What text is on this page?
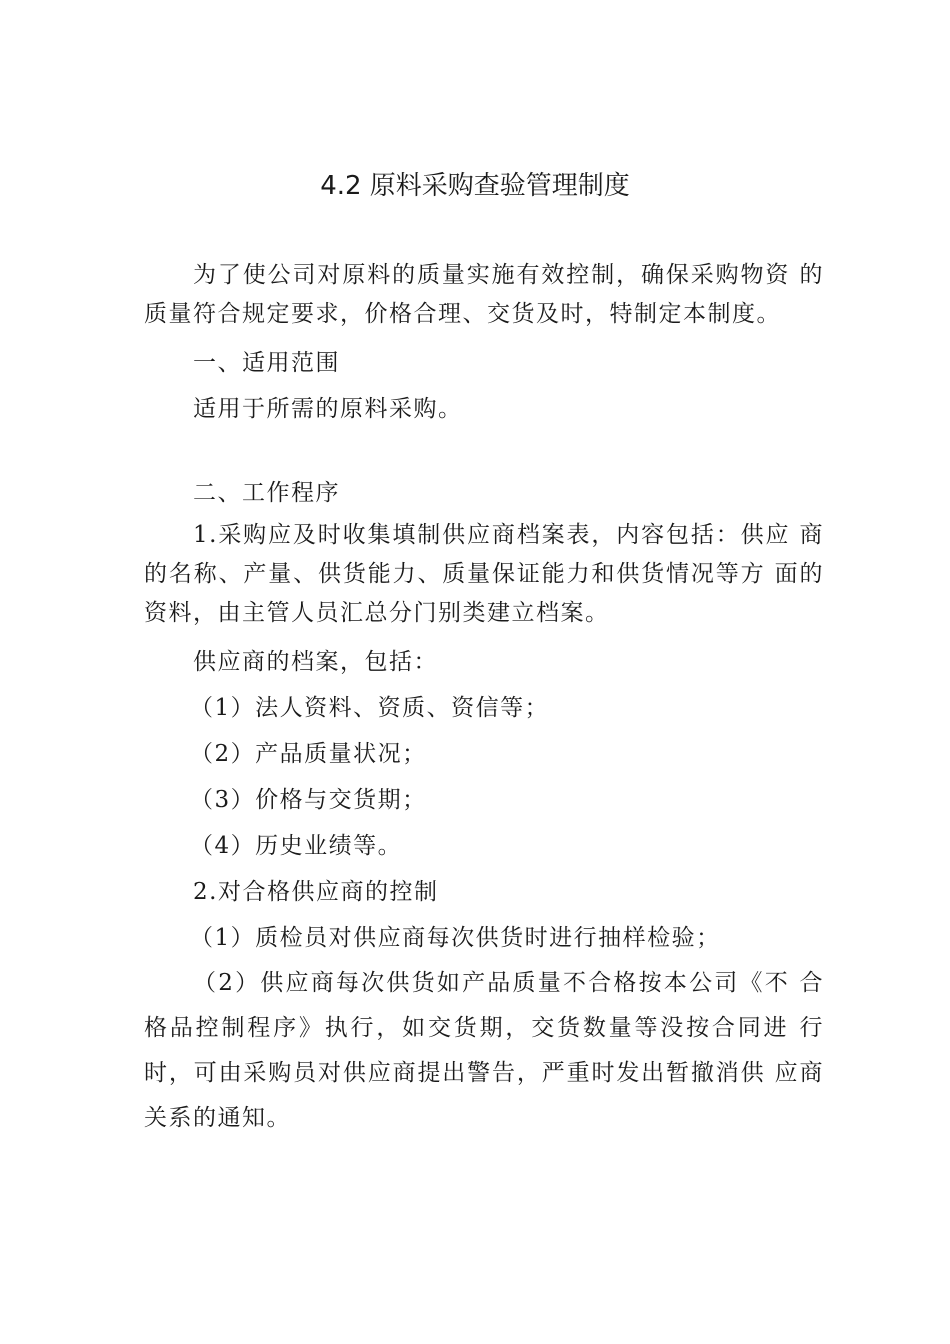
4.2 原料采购查验管理制度

为了使公司对原料的质量实施有效控制，确保采购物资 的质量符合规定要求，价格合理、交货及时，特制定本制度。

一、适用范围

适用于所需的原料采购。

二、工作程序

1.采购应及时收集填制供应商档案表，内容包括：供应 商的名称、产量、供货能力、质量保证能力和供货情况等方 面的资料，由主管人员汇总分门别类建立档案。

供应商的档案，包括：

（1）法人资料、资质、资信等；

（2）产品质量状况；

（3）价格与交货期；

（4）历史业绩等。

2.对合格供应商的控制

（1）质检员对供应商每次供货时进行抽样检验；

（2）供应商每次供货如产品质量不合格按本公司《不 合格品控制程序》执行，如交货期，交货数量等没按合同进 行时，可由采购员对供应商提出警告，严重时发出暂撤消供 应商关系的通知。
